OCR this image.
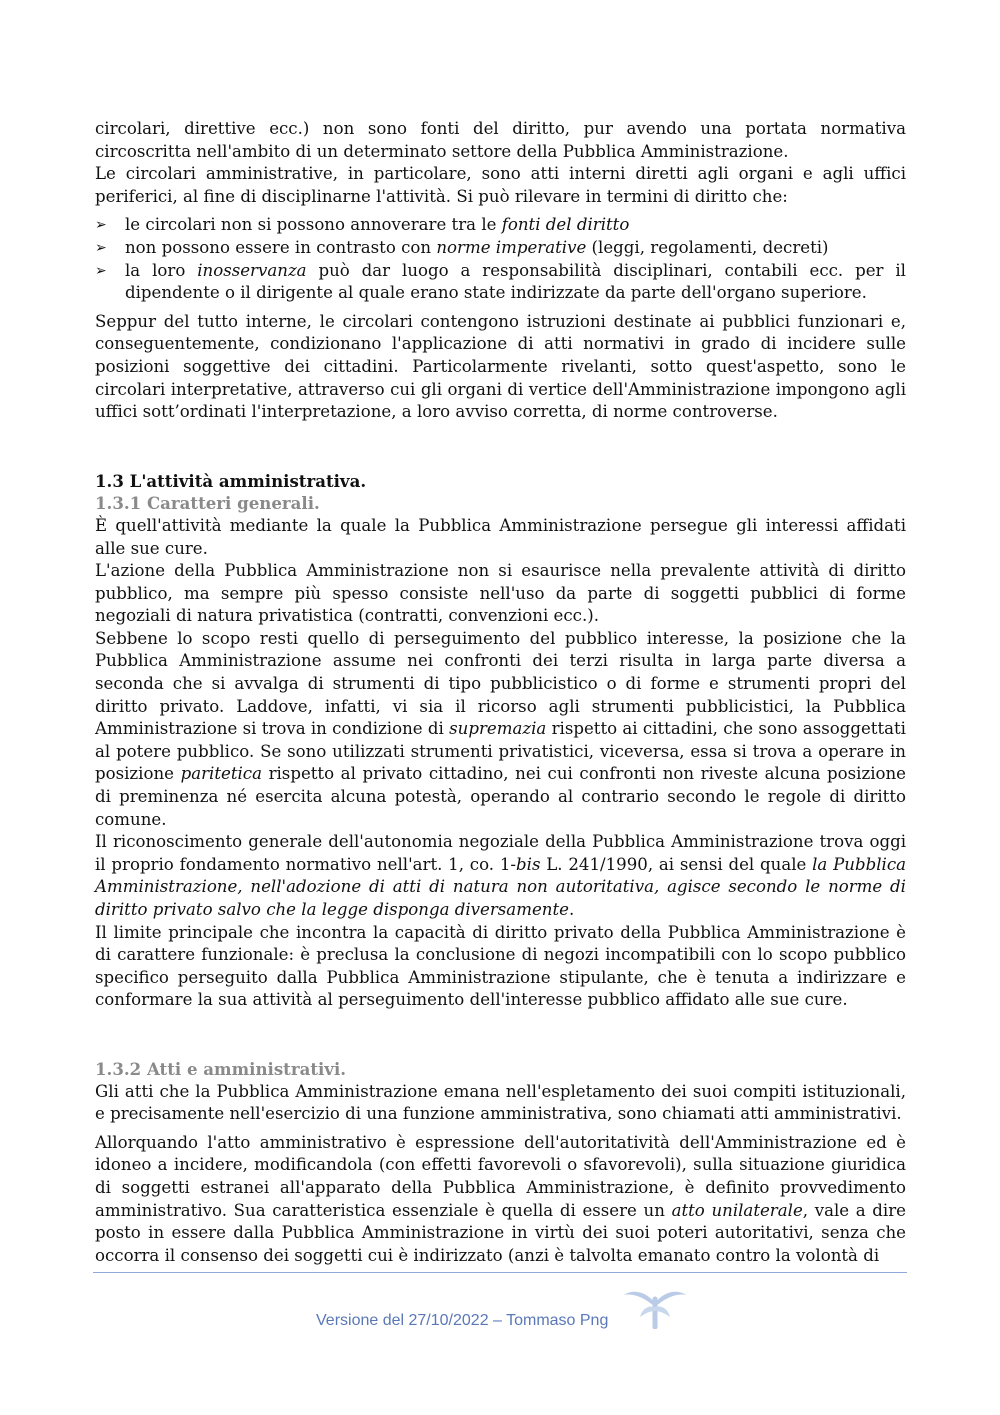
circolari, direttive ecc.) non sono fonti del diritto, pur avendo una portata normativa circoscritta nell'ambito di un determinato settore della Pubblica Amministrazione.

Le circolari amministrative, in particolare, sono atti interni diretti agli organi e agli uffici periferici, al fine di disciplinarne l'attività. Si può rilevare in termini di diritto che:

➢ le circolari non si possono annoverare tra le fonti del diritto
➢ non possono essere in contrasto con norme imperative (leggi, regolamenti, decreti)
➢ la loro inosservanza può dar luogo a responsabilità disciplinari, contabili ecc. per il dipendente o il dirigente al quale erano state indirizzate da parte dell'organo superiore.

Seppur del tutto interne, le circolari contengono istruzioni destinate ai pubblici funzionari e, conseguentemente, condizionano l'applicazione di atti normativi in grado di incidere sulle posizioni soggettive dei cittadini. Particolarmente rivelanti, sotto quest'aspetto, sono le circolari interpretative, attraverso cui gli organi di vertice dell'Amministrazione impongono agli uffici sott’ordinati l'interpretazione, a loro avviso corretta, di norme controverse.

1.3 L'attività amministrativa.

1.3.1 Caratteri generali.

È quell'attività mediante la quale la Pubblica Amministrazione persegue gli interessi affidati alle sue cure.

L'azione della Pubblica Amministrazione non si esaurisce nella prevalente attività di diritto pubblico, ma sempre più spesso consiste nell'uso da parte di soggetti pubblici di forme negoziali di natura privatistica (contratti, convenzioni ecc.).

Sebbene lo scopo resti quello di perseguimento del pubblico interesse, la posizione che la Pubblica Amministrazione assume nei confronti dei terzi risulta in larga parte diversa a seconda che si avvalga di strumenti di tipo pubblicistico o di forme e strumenti propri del diritto privato. Laddove, infatti, vi sia il ricorso agli strumenti pubblicistici, la Pubblica Amministrazione si trova in condizione di supremazia rispetto ai cittadini, che sono assoggettati al potere pubblico. Se sono utilizzati strumenti privatistici, viceversa, essa si trova a operare in posizione paritetica rispetto al privato cittadino, nei cui confronti non riveste alcuna posizione di preminenza né esercita alcuna potestà, operando al contrario secondo le regole di diritto comune.

Il riconoscimento generale dell'autonomia negoziale della Pubblica Amministrazione trova oggi il proprio fondamento normativo nell'art. 1, co. 1-bis L. 241/1990, ai sensi del quale la Pubblica Amministrazione, nell'adozione di atti di natura non autoritativa, agisce secondo le norme di diritto privato salvo che la legge disponga diversamente.

Il limite principale che incontra la capacità di diritto privato della Pubblica Amministrazione è di carattere funzionale: è preclusa la conclusione di negozi incompatibili con lo scopo pubblico specifico perseguito dalla Pubblica Amministrazione stipulante, che è tenuta a indirizzare e conformare la sua attività al perseguimento dell'interesse pubblico affidato alle sue cure.

1.3.2 Atti e amministrativi.

Gli atti che la Pubblica Amministrazione emana nell'espletamento dei suoi compiti istituzionali, e precisamente nell'esercizio di una funzione amministrativa, sono chiamati atti amministrativi.

Allorquando l'atto amministrativo è espressione dell'autoritatività dell'Amministrazione ed è idoneo a incidere, modificandola (con effetti favorevoli o sfavorevoli), sulla situazione giuridica di soggetti estranei all'apparato della Pubblica Amministrazione, è definito provvedimento amministrativo. Sua caratteristica essenziale è quella di essere un atto unilaterale, vale a dire posto in essere dalla Pubblica Amministrazione in virtù dei suoi poteri autoritativi, senza che occorra il consenso dei soggetti cui è indirizzato (anzi è talvolta emanato contro la volontà di

Versione del 27/10/2022 – Tommaso Png
